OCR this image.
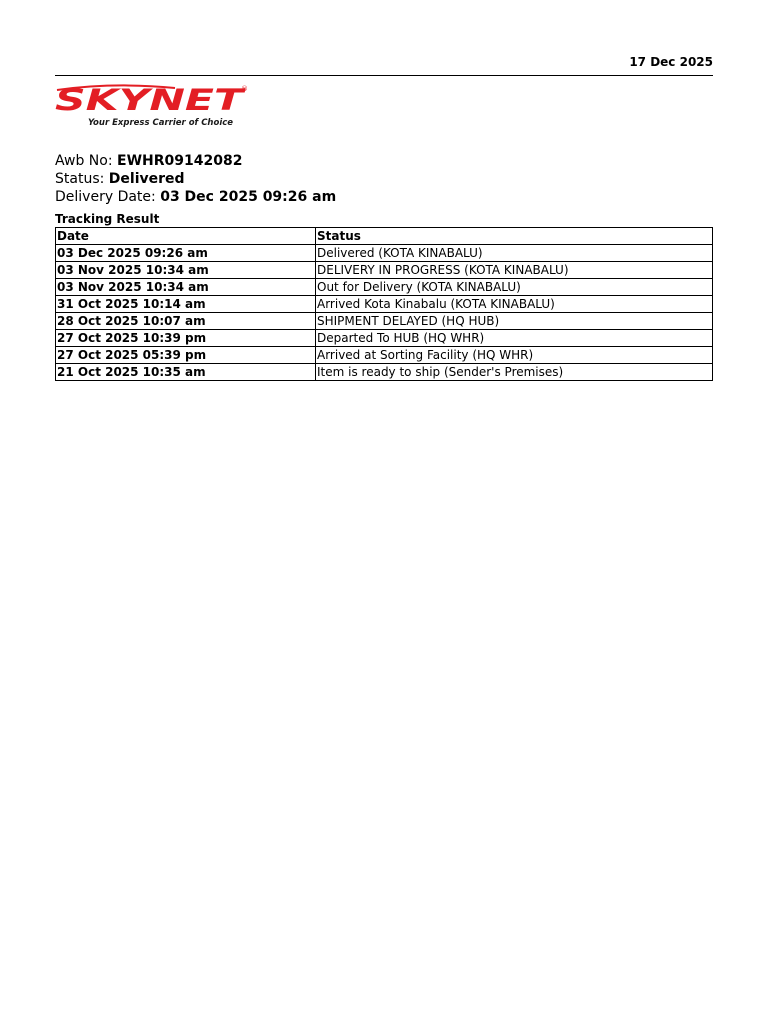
17 Dec 2025
SKYNET
®
Your Express Carrier of Choice
Awb No: EWHR09142082
Status: Delivered
Delivery Date: 03 Dec 2025 09:26 am
Tracking Result
Date	Status
03 Dec 2025 09:26 am	Delivered (KOTA KINABALU)
03 Nov 2025 10:34 am	DELIVERY IN PROGRESS (KOTA KINABALU)
03 Nov 2025 10:34 am	Out for Delivery (KOTA KINABALU)
31 Oct 2025 10:14 am	Arrived Kota Kinabalu (KOTA KINABALU)
28 Oct 2025 10:07 am	SHIPMENT DELAYED (HQ HUB)
27 Oct 2025 10:39 pm	Departed To HUB (HQ WHR)
27 Oct 2025 05:39 pm	Arrived at Sorting Facility (HQ WHR)
21 Oct 2025 10:35 am	Item is ready to ship (Sender's Premises)
